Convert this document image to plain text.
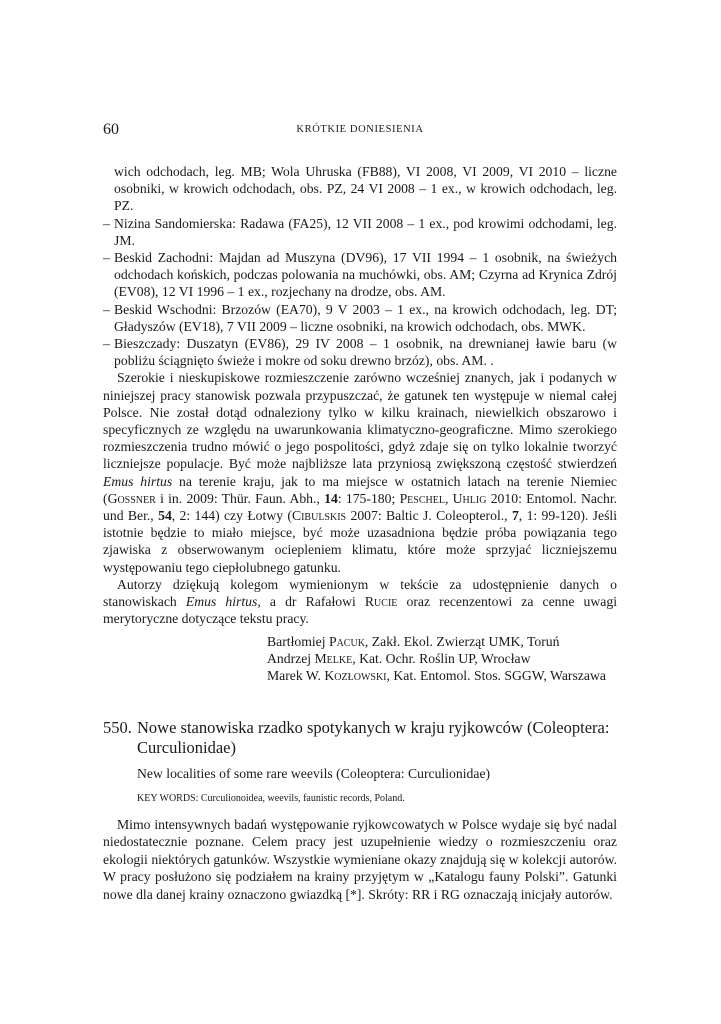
60	KRÓTKIE DONIESIENIA

wich odchodach, leg. MB; Wola Uhruska (FB88), VI 2008, VI 2009, VI 2010 – liczne osobniki, w krowich odchodach, obs. PZ, 24 VI 2008 – 1 ex., w krowich odchodach, leg. PZ.

– Nizina Sandomierska: Radawa (FA25), 12 VII 2008 – 1 ex., pod krowimi odchodami, leg. JM.

– Beskid Zachodni: Majdan ad Muszyna (DV96), 17 VII 1994 – 1 osobnik, na świeżych odchodach końskich, podczas polowania na muchówki, obs. AM; Czyrna ad Krynica Zdrój (EV08), 12 VI 1996 – 1 ex., rozjechany na drodze, obs. AM.

– Beskid Wschodni: Brzozów (EA70), 9 V 2003 – 1 ex., na krowich odchodach, leg. DT; Gładyszów (EV18), 7 VII 2009 – liczne osobniki, na krowich odchodach, obs. MWK.

– Bieszczady: Duszatyn (EV86), 29 IV 2008 – 1 osobnik, na drewnianej ławie baru (w pobliżu ściągnięto świeże i mokre od soku drewno brzóz), obs. AM. .

Szerokie i nieskupiskowe rozmieszczenie zarówno wcześniej znanych, jak i podanych w niniejszej pracy stanowisk pozwala przypuszczać, że gatunek ten występuje w niemal całej Polsce. Nie został dotąd odnaleziony tylko w kilku krainach, niewielkich obszarowo i specyficznych ze względu na uwarunkowania klimatyczno-geograficzne. Mimo szerokiego rozmieszczenia trudno mówić o jego pospolitości, gdyż zdaje się on tylko lokalnie tworzyć liczniejsze populacje. Być może najbliższe lata przyniosą zwiększoną częstość stwierdzeń Emus hirtus na terenie kraju, jak to ma miejsce w ostatnich latach na terenie Niemiec (Gossner i in. 2009: Thür. Faun. Abh., 14: 175-180; Peschel, Uhlig 2010: Entomol. Nachr. und Ber., 54, 2: 144) czy Łotwy (Cibulskis 2007: Baltic J. Coleopterol., 7, 1: 99-120). Jeśli istotnie będzie to miało miejsce, być może uzasadniona będzie próba powiązania tego zjawiska z obserwowanym ociepleniem klimatu, które może sprzyjać liczniejszemu występowaniu tego ciepłolubnego gatunku.

Autorzy dziękują kolegom wymienionym w tekście za udostępnienie danych o stanowiskach Emus hirtus, a dr Rafałowi Rucie oraz recenzentowi za cenne uwagi merytoryczne dotyczące tekstu pracy.

Bartłomiej Pacuk, Zakł. Ekol. Zwierząt UMK, Toruń
Andrzej Melke, Kat. Ochr. Roślin UP, Wrocław
Marek W. Kozłowski, Kat. Entomol. Stos. SGGW, Warszawa
550. Nowe stanowiska rzadko spotykanych w kraju ryjkowców (Coleoptera: Curculionidae)
New localities of some rare weevils (Coleoptera: Curculionidae)
KEY WORDS: Curculionoidea, weevils, faunistic records, Poland.

Mimo intensywnych badań występowanie ryjkowcowatych w Polsce wydaje się być nadal niedostatecznie poznane. Celem pracy jest uzupełnienie wiedzy o rozmieszczeniu oraz ekologii niektórych gatunków. Wszystkie wymieniane okazy znajdują się w kolekcji autorów. W pracy posłużono się podziałem na krainy przyjętym w „Katalogu fauny Polski”. Gatunki nowe dla danej krainy oznaczono gwiazdką [*]. Skróty: RR i RG oznaczają inicjały autorów.
